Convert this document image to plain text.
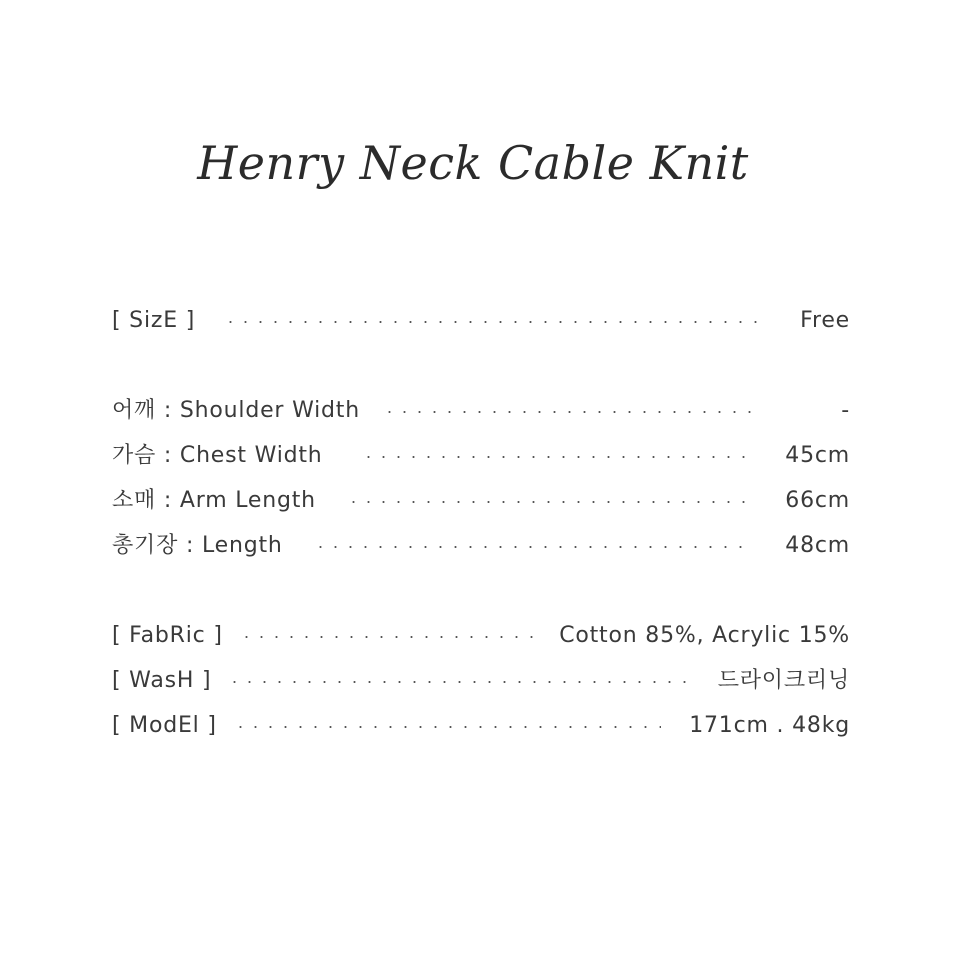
Henry Neck Cable Knit
[ SizE ]	Free
어깨 : Shoulder Width	-
가슴 : Chest Width	45cm
소매 : Arm Length	66cm
총기장 : Length	48cm
[ FabRic ]	Cotton 85%, Acrylic 15%
[ WasH ]	드라이크리닝
[ ModEl ]	171cm . 48kg
